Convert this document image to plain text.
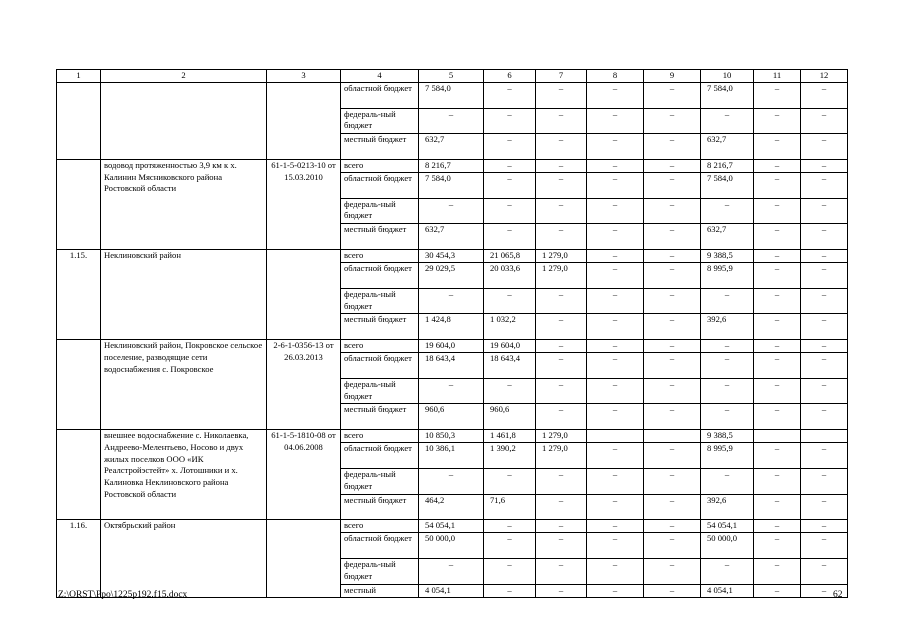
1	2	3	4	5	6	7	8	9	10	11	12
			областной бюджет	7 584,0	–	–	–	–	7 584,0	–	–
			федераль-ный бюджет	–	–	–	–	–	–	–	–
			местный бюджет	632,7	–	–	–	–	632,7	–	–
	водовод протяженностью 3,9 км к х. Калинин Мясниковского района Ростовской области	61-1-5-0213-10 от 15.03.2010	всего	8 216,7	–	–	–	–	8 216,7	–	–
			областной бюджет	7 584,0	–	–	–	–	7 584,0	–	–
			федераль-ный бюджет	–	–	–	–	–	–	–	–
			местный бюджет	632,7	–	–	–	–	632,7	–	–
1.15.	Неклиновский район		всего	30 454,3	21 065,8	1 279,0	–	–	9 388,5	–	–
			областной бюджет	29 029,5	20 033,6	1 279,0	–	–	8 995,9	–	–
			федераль-ный бюджет	–	–	–	–	–	–	–	–
			местный бюджет	1 424,8	1 032,2	–	–	–	392,6	–	–
	Неклиновский район, Покровское сельское поселение, разводящие сети водоснабжения с. Покровское	2-6-1-0356-13 от 26.03.2013	всего	19 604,0	19 604,0	–	–	–	–	–	–
			областной бюджет	18 643,4	18 643,4	–	–	–	–	–	–
			федераль-ный бюджет	–	–	–	–	–	–	–	–
			местный бюджет	960,6	960,6	–	–	–	–	–	–
	внешнее водоснабжение с. Николаевка, Андреево-Мелентьево, Носово и двух жилых поселков ООО «ИК Реалстройэстейт» х. Лотошники и х. Калиновка Неклиновского района Ростовской области	61-1-5-1810-08 от 04.06.2008	всего	10 850,3	1 461,8	1 279,0			9 388,5		
			областной бюджет	10 386,1	1 390,2	1 279,0	–	–	8 995,9	–	–
			федераль-ный бюджет	–	–	–	–	–	–	–	–
			местный бюджет	464,2	71,6	–	–	–	392,6	–	–
1.16.	Октябрьский район		всего	54 054,1	–	–	–	–	54 054,1	–	–
			областной бюджет	50 000,0	–	–	–	–	50 000,0	–	–
			федераль-ный бюджет	–	–	–	–	–	–	–	–
			местный	4 054,1	–	–	–	–	4 054,1	–	–
Z:\ORST\Ppo\1225p192.f15.docx	62
